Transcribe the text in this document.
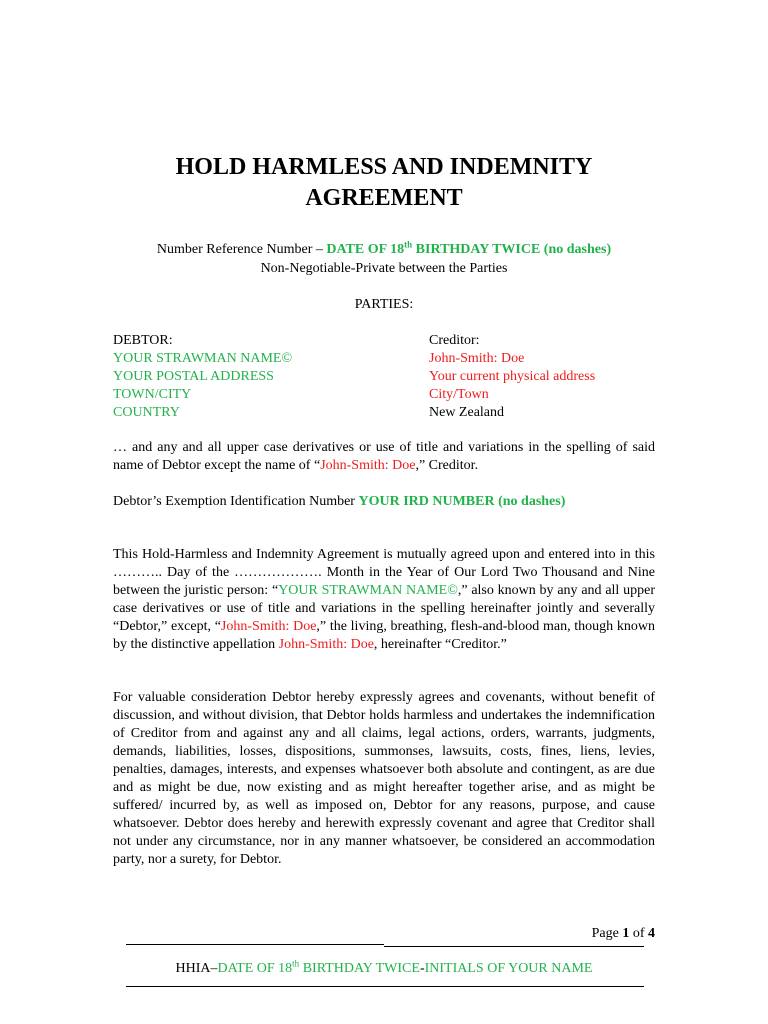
HOLD HARMLESS AND INDEMNITY
AGREEMENT
Number Reference Number – DATE OF 18th BIRTHDAY TWICE (no dashes)
Non-Negotiable-Private between the Parties
PARTIES:
DEBTOR:
YOUR STRAWMAN NAME©
YOUR POSTAL ADDRESS
TOWN/CITY
COUNTRY
Creditor:
John-Smith: Doe
Your current physical address
City/Town
New Zealand
… and any and all upper case derivatives or use of title and variations in the spelling of said name of Debtor except the name of “John-Smith: Doe,” Creditor.
Debtor’s Exemption Identification Number YOUR IRD NUMBER (no dashes)
This Hold-Harmless and Indemnity Agreement is mutually agreed upon and entered into in this ……….. Day of the ………………. Month in the Year of Our Lord Two Thousand and Nine between the juristic person: “YOUR STRAWMAN NAME©,” also known by any and all upper case derivatives or use of title and variations in the spelling hereinafter jointly and severally “Debtor,” except, “John-Smith: Doe,” the living, breathing, flesh-and-blood man, though known by the distinctive appellation John-Smith: Doe, hereinafter “Creditor.”
For valuable consideration Debtor hereby expressly agrees and covenants, without benefit of discussion, and without division, that Debtor holds harmless and undertakes the indemnification of Creditor from and against any and all claims, legal actions, orders, warrants, judgments, demands, liabilities, losses, dispositions, summonses, lawsuits, costs, fines, liens, levies, penalties, damages, interests, and expenses whatsoever both absolute and contingent, as are due and as might be due, now existing and as might hereafter together arise, and as might be suffered/ incurred by, as well as imposed on, Debtor for any reasons, purpose, and cause whatsoever. Debtor does hereby and herewith expressly covenant and agree that Creditor shall not under any circumstance, nor in any manner whatsoever, be considered an accommodation party, nor a surety, for Debtor.
Page 1 of 4
HHIA–DATE OF 18th BIRTHDAY TWICE-INITIALS OF YOUR NAME
